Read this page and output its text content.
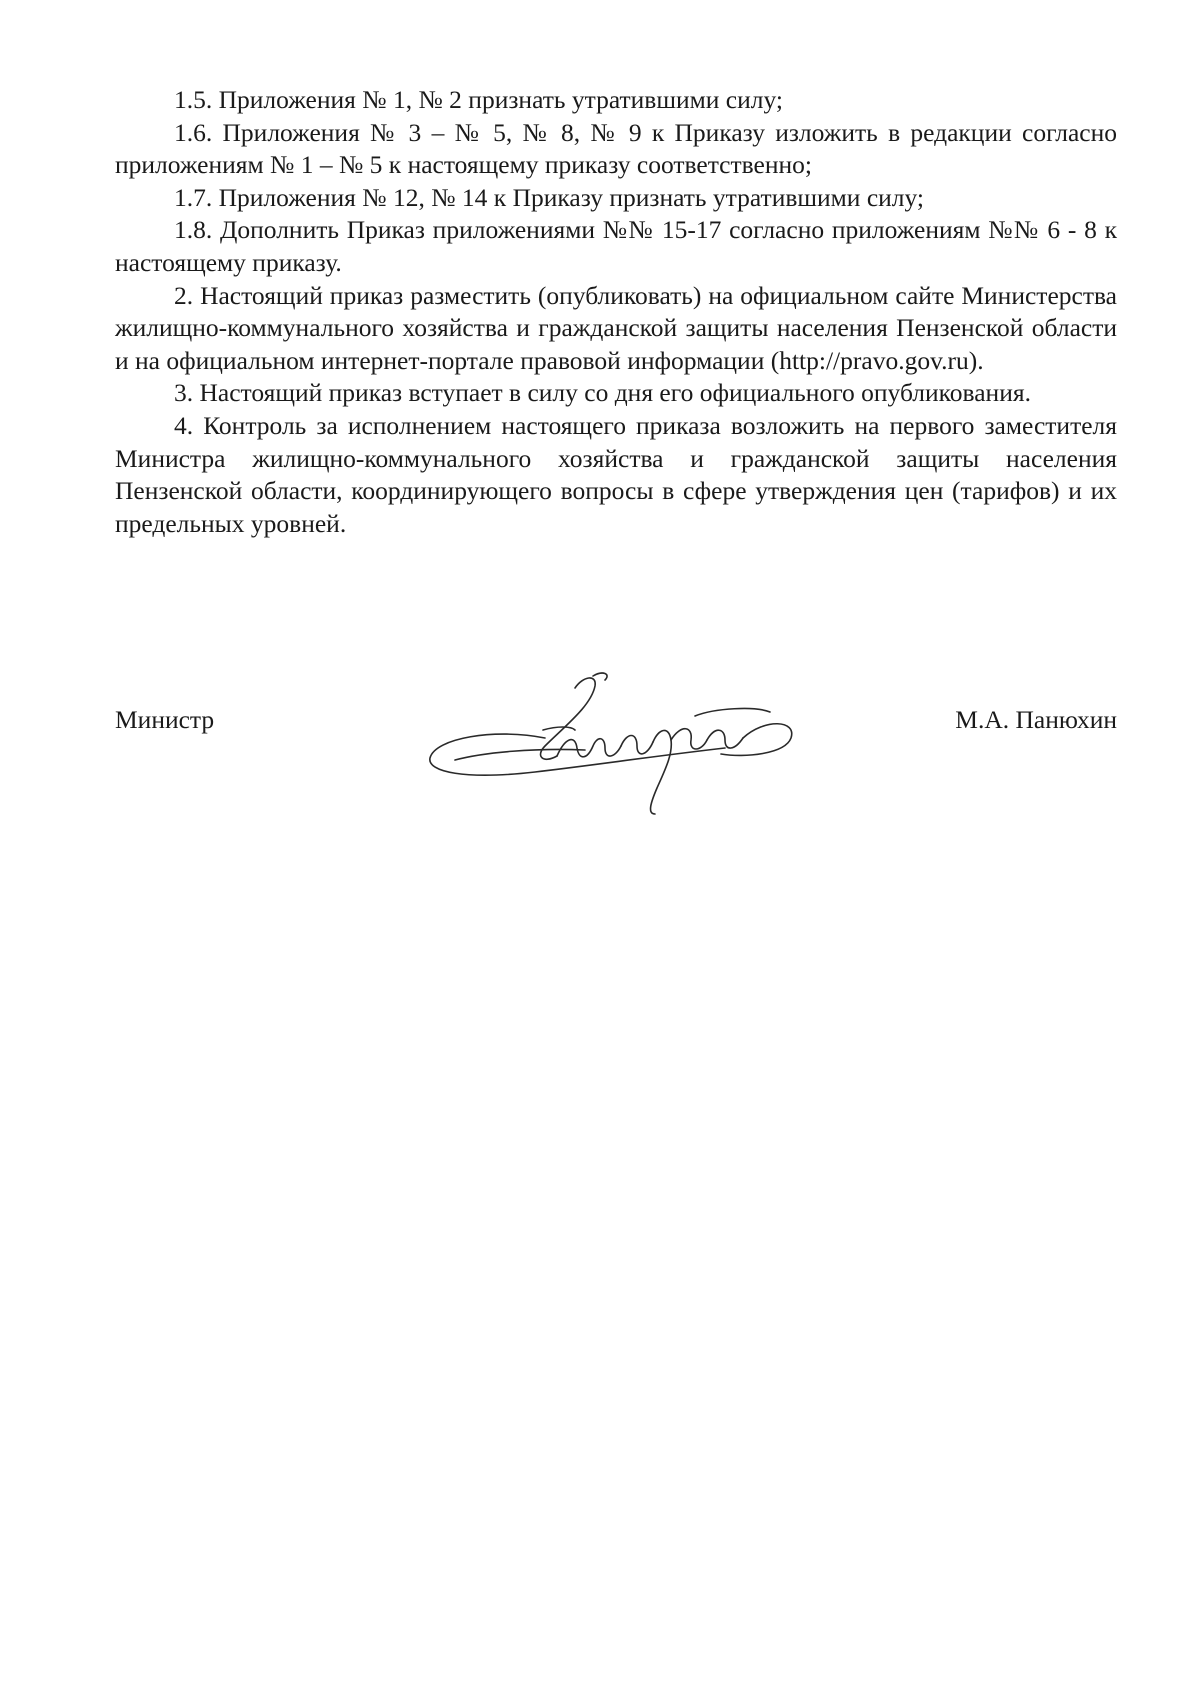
1.5. Приложения № 1, № 2 признать утратившими силу;

1.6. Приложения № 3 – № 5, № 8, № 9 к Приказу изложить в редакции согласно приложениям № 1 – № 5 к настоящему приказу соответственно;

1.7. Приложения № 12, № 14 к Приказу признать утратившими силу;

1.8. Дополнить Приказ приложениями №№ 15-17 согласно приложениям №№ 6 - 8 к настоящему приказу.

2. Настоящий приказ разместить (опубликовать) на официальном сайте Министерства жилищно-коммунального хозяйства и гражданской защиты населения Пензенской области и на официальном интернет-портале правовой информации (http://pravo.gov.ru).

3. Настоящий приказ вступает в силу со дня его официального опубликования.

4. Контроль за исполнением настоящего приказа возложить на первого заместителя Министра жилищно-коммунального хозяйства и гражданской защиты населения Пензенской области, координирующего вопросы в сфере утверждения цен (тарифов) и их предельных уровней.

Министр	М.А. Панюхин
